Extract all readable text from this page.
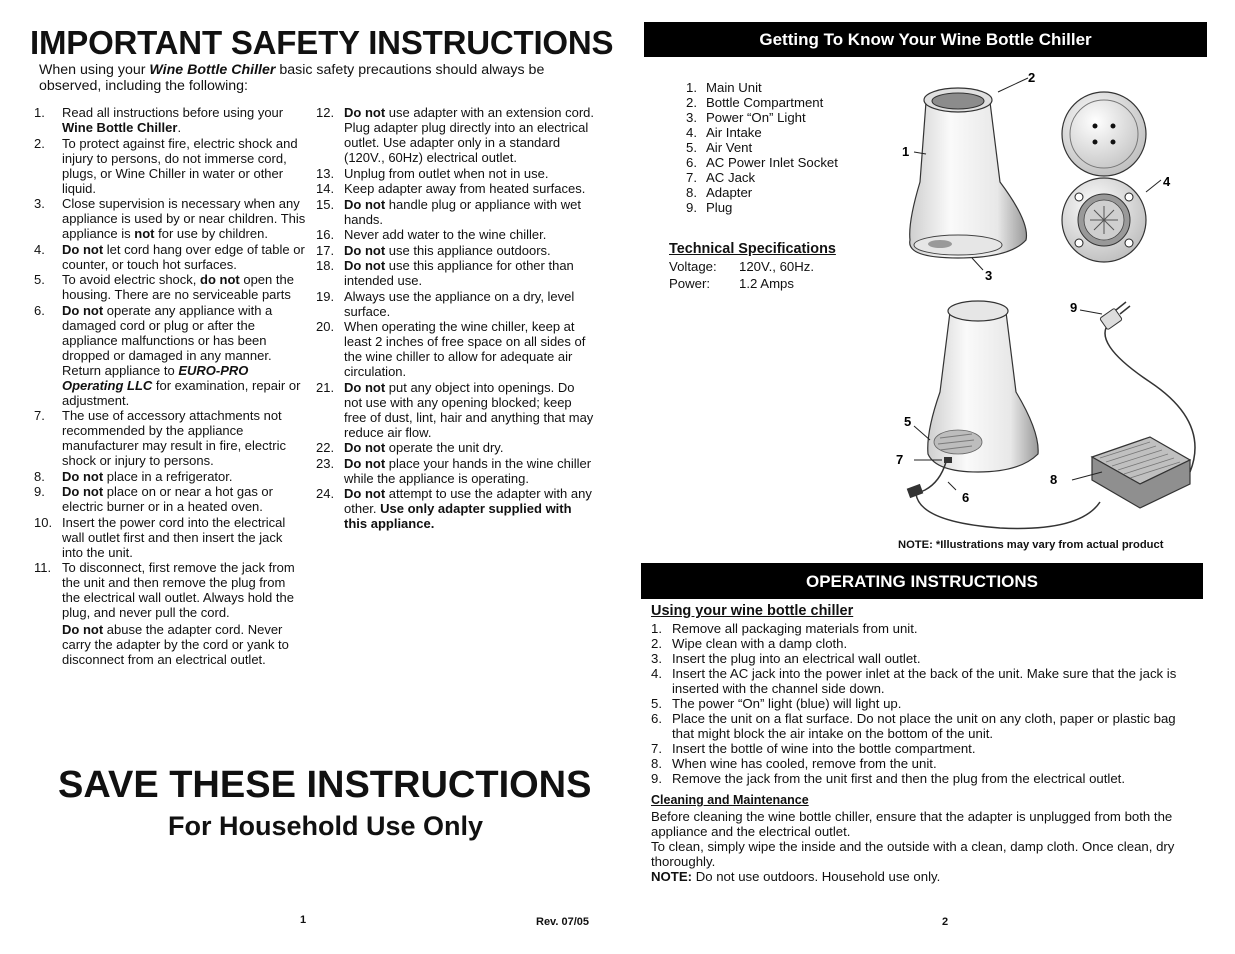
IMPORTANT SAFETY INSTRUCTIONS
When using your Wine Bottle Chiller basic safety precautions should always be observed, including the following:
1. Read all instructions before using your Wine Bottle Chiller.
2. To protect against fire, electric shock and injury to persons, do not immerse cord, plugs, or Wine Chiller in water or other liquid.
3. Close supervision is necessary when any appliance is used by or near children. This appliance is not for use by children.
4. Do not let cord hang over edge of table or counter, or touch hot surfaces.
5. To avoid electric shock, do not open the housing. There are no serviceable parts
6. Do not operate any appliance with a damaged cord or plug or after the appliance malfunctions or has been dropped or damaged in any manner. Return appliance to EURO-PRO Operating LLC for examination, repair or adjustment.
7. The use of accessory attachments not recommended by the appliance manufacturer may result in fire, electric shock or injury to persons.
8. Do not place in a refrigerator.
9. Do not place on or near a hot gas or electric burner or in a heated oven.
10. Insert the power cord into the electrical wall outlet first and then insert the jack into the unit.
11. To disconnect, first remove the jack from the unit and then remove the plug from the electrical wall outlet. Always hold the plug, and never pull the cord.
Do not abuse the adapter cord. Never carry the adapter by the cord or yank to disconnect from an electrical outlet.
12. Do not use adapter with an extension cord. Plug adapter plug directly into an electrical outlet. Use adapter only in a standard (120V., 60Hz) electrical outlet.
13. Unplug from outlet when not in use.
14. Keep adapter away from heated surfaces.
15. Do not handle plug or appliance with wet hands.
16. Never add water to the wine chiller.
17. Do not use this appliance outdoors.
18. Do not use this appliance for other than intended use.
19. Always use the appliance on a dry, level surface.
20. When operating the wine chiller, keep at least 2 inches of free space on all sides of the wine chiller to allow for adequate air circulation.
21. Do not put any object into openings. Do not use with any opening blocked; keep free of dust, lint, hair and anything that may reduce air flow.
22. Do not operate the unit dry.
23. Do not place your hands in the wine chiller while the appliance is operating.
24. Do not attempt to use the adapter with any other. Use only adapter supplied with this appliance.
SAVE THESE INSTRUCTIONS
For Household Use Only
1	Rev. 07/05
Getting To Know Your Wine Bottle Chiller
1. Main Unit
2. Bottle Compartment
3. Power “On” Light
4. Air Intake
5. Air Vent
6. AC Power Inlet Socket
7. AC Jack
8. Adapter
9. Plug
Technical Specifications
Voltage: 120V., 60Hz.
Power: 1.2 Amps
1
2
3
4
5
6
7
8
9
NOTE: *Illustrations may vary from actual product
OPERATING INSTRUCTIONS
Using your wine bottle chiller
1. Remove all packaging materials from unit.
2. Wipe clean with a damp cloth.
3. Insert the plug into an electrical wall outlet.
4. Insert the AC jack into the power inlet at the back of the unit. Make sure that the jack is inserted with the channel side down.
5. The power “On” light (blue) will light up.
6. Place the unit on a flat surface. Do not place the unit on any cloth, paper or plastic bag that might block the air intake on the bottom of the unit.
7. Insert the bottle of wine into the bottle compartment.
8. When wine has cooled, remove from the unit.
9. Remove the jack from the unit first and then the plug from the electrical outlet.
Cleaning and Maintenance

Before cleaning the wine bottle chiller, ensure that the adapter is unplugged from both the appliance and the electrical outlet.

To clean, simply wipe the inside and the outside with a clean, damp cloth. Once clean, dry thoroughly.

NOTE: Do not use outdoors. Household use only.

2
